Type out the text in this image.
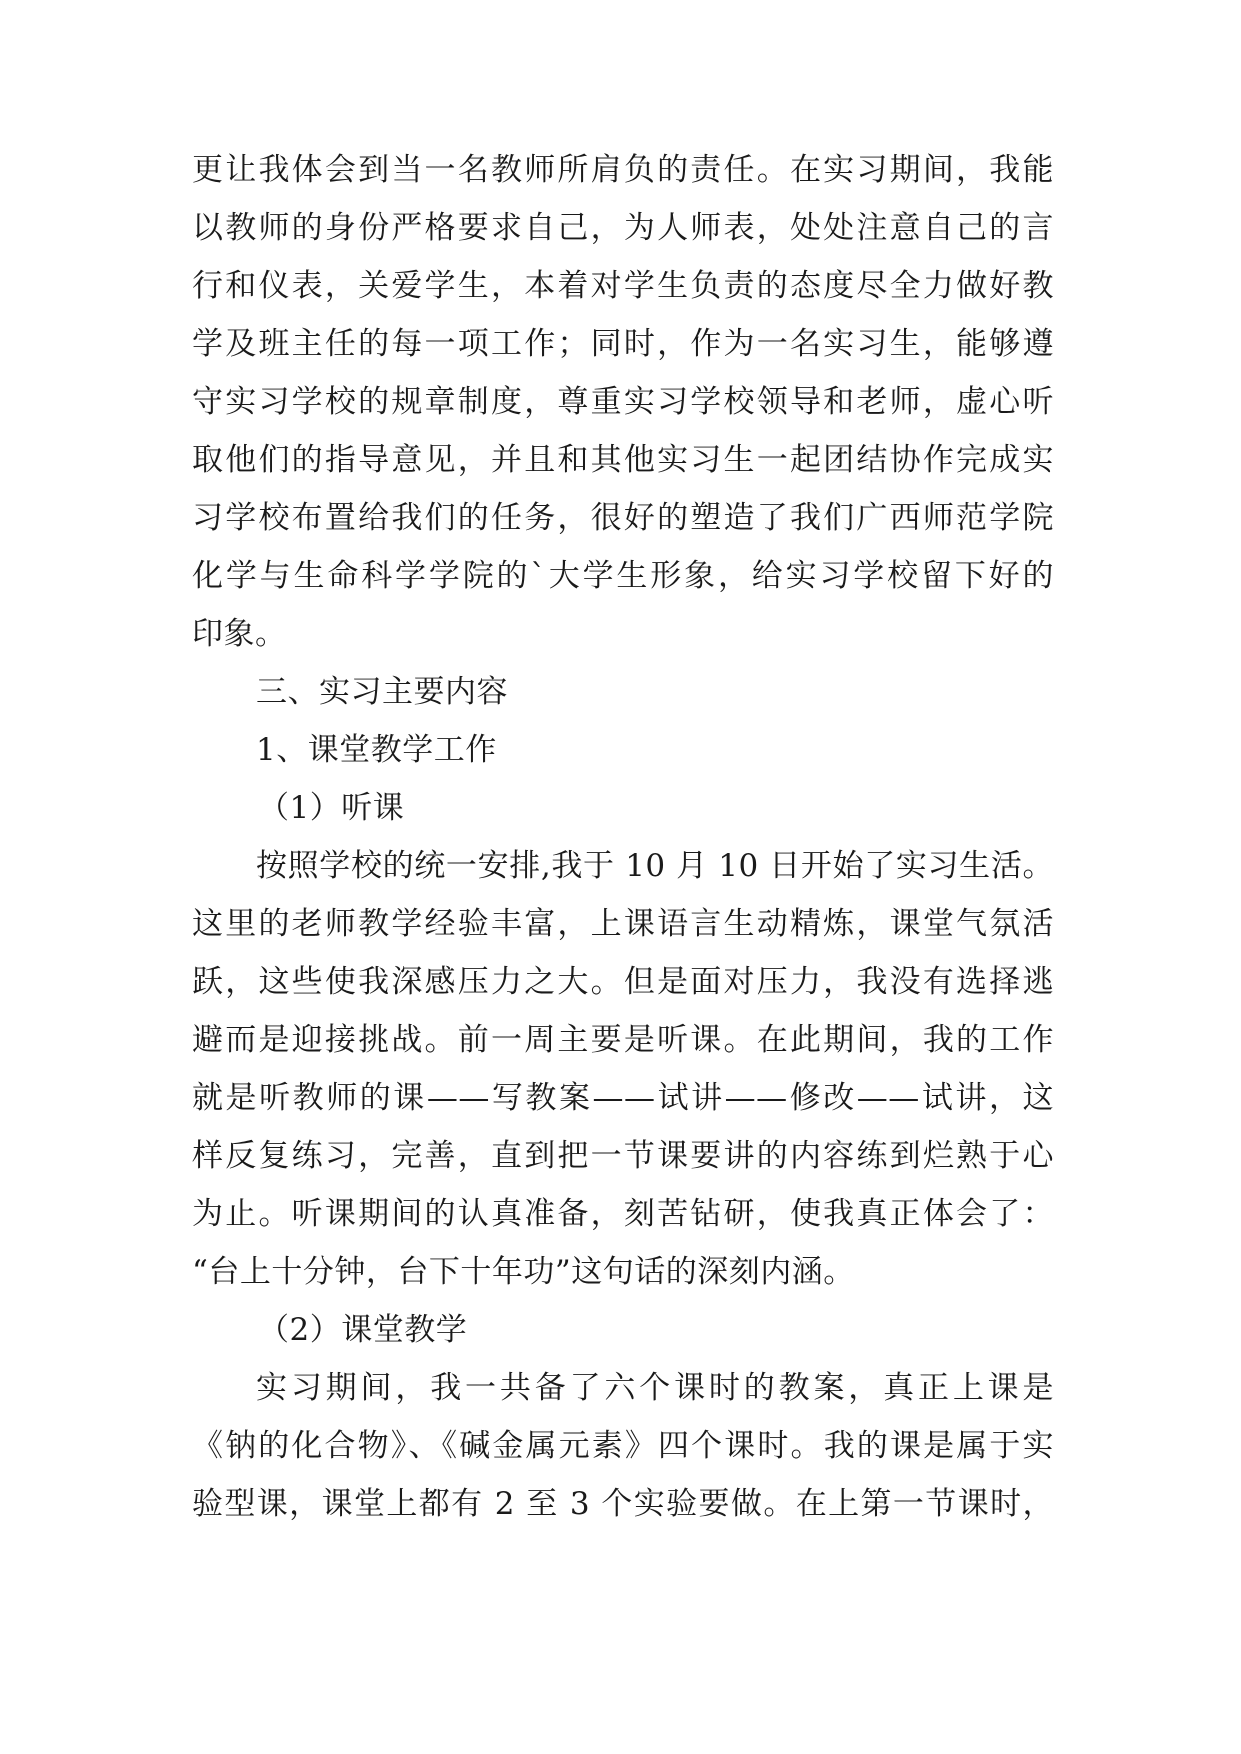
更让我体会到当一名教师所肩负的责任。在实习期间，我能
以教师的身份严格要求自己，为人师表，处处注意自己的言
行和仪表，关爱学生，本着对学生负责的态度尽全力做好教
学及班主任的每一项工作；同时，作为一名实习生，能够遵
守实习学校的规章制度，尊重实习学校领导和老师，虚心听
取他们的指导意见，并且和其他实习生一起团结协作完成实
习学校布置给我们的任务，很好的塑造了我们广西师范学院
化学与生命科学学院的`大学生形象，给实习学校留下好的
印象。
三、实习主要内容
1、课堂教学工作
（1）听课
按照学校的统一安排,我于 10 月 10 日开始了实习生活。
这里的老师教学经验丰富，上课语言生动精炼，课堂气氛活
跃，这些使我深感压力之大。但是面对压力，我没有选择逃
避而是迎接挑战。前一周主要是听课。在此期间，我的工作
就是听教师的课——写教案——试讲——修改——试讲，这
样反复练习，完善，直到把一节课要讲的内容练到烂熟于心
为止。听课期间的认真准备，刻苦钻研，使我真正体会了：
“台上十分钟，台下十年功”这句话的深刻内涵。
（2）课堂教学
实习期间，我一共备了六个课时的教案，真正上课是
《钠的化合物》、《碱金属元素》四个课时。我的课是属于实
验型课，课堂上都有 2 至 3 个实验要做。在上第一节课时，
